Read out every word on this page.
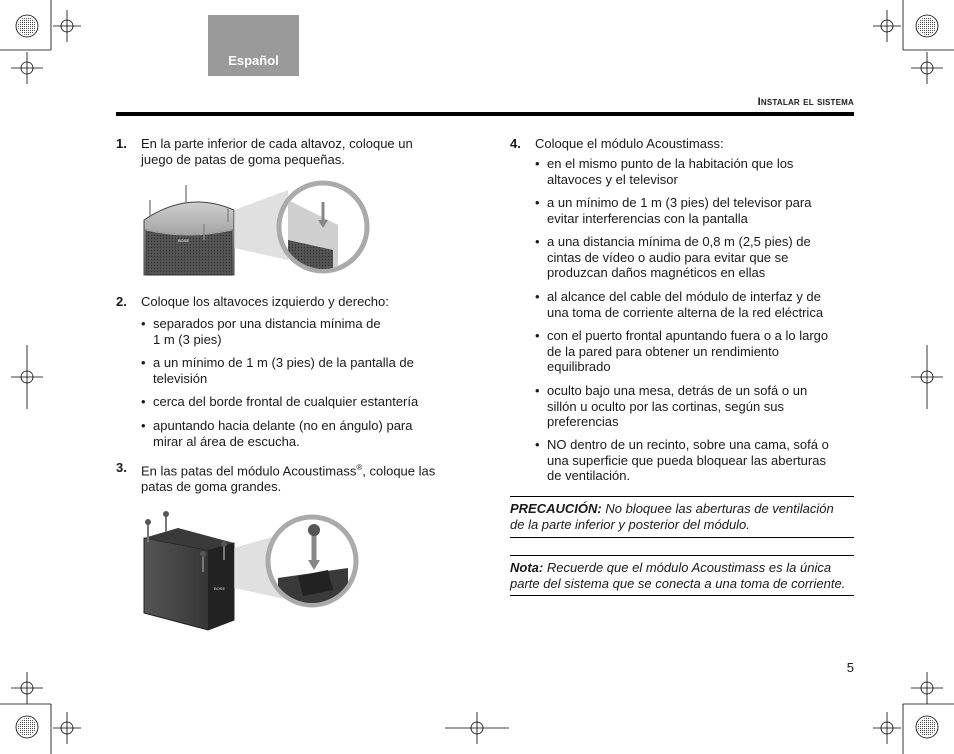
Español
Instalar el sistema
1. En la parte inferior de cada altavoz, coloque un
juego de patas de goma pequeñas.
BOSE
2. Coloque los altavoces izquierdo y derecho:
• separados por una distancia mínima de
1 m (3 pies)
• a un mínimo de 1 m (3 pies) de la pantalla de
televisión
• cerca del borde frontal de cualquier estantería
• apuntando hacia delante (no en ángulo) para
mirar al área de escucha.
3. En las patas del módulo Acoustimass®, coloque las
patas de goma grandes.
BOSE
4. Coloque el módulo Acoustimass:
• en el mismo punto de la habitación que los
altavoces y el televisor
• a un mínimo de 1 m (3 pies) del televisor para
evitar interferencias con la pantalla
• a una distancia mínima de 0,8 m (2,5 pies) de
cintas de vídeo o audio para evitar que se
produzcan daños magnéticos en ellas
• al alcance del cable del módulo de interfaz y de
una toma de corriente alterna de la red eléctrica
• con el puerto frontal apuntando fuera o a lo largo
de la pared para obtener un rendimiento
equilibrado
• oculto bajo una mesa, detrás de un sofá o un
sillón u oculto por las cortinas, según sus
preferencias
• NO dentro de un recinto, sobre una cama, sofá o
una superficie que pueda bloquear las aberturas
de ventilación.
PRECAUCIÓN: No bloquee las aberturas de ventilación
de la parte inferior y posterior del módulo.
Nota: Recuerde que el módulo Acoustimass es la única
parte del sistema que se conecta a una toma de corriente.
5
